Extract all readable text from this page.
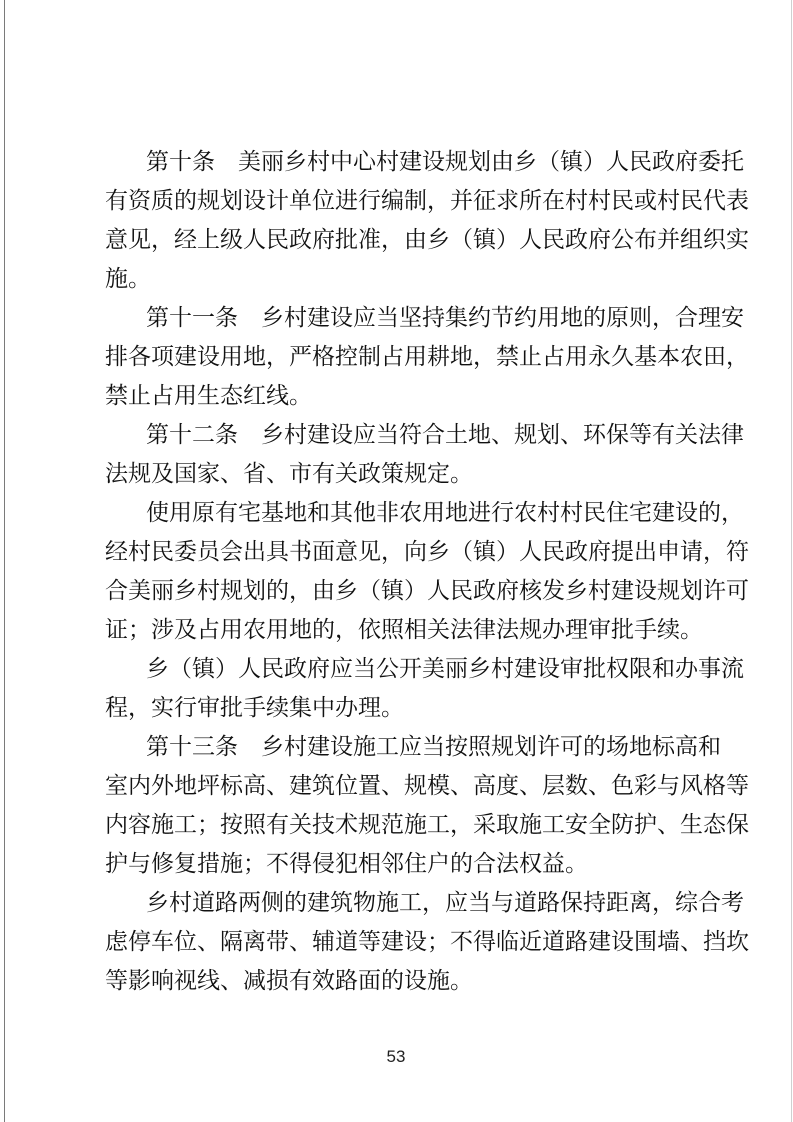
第十条　美丽乡村中心村建设规划由乡（镇）人民政府委托
有资质的规划设计单位进行编制，并征求所在村村民或村民代表
意见，经上级人民政府批准，由乡（镇）人民政府公布并组织实
施。
第十一条　乡村建设应当坚持集约节约用地的原则，合理安
排各项建设用地，严格控制占用耕地，禁止占用永久基本农田，
禁止占用生态红线。
第十二条　乡村建设应当符合土地、规划、环保等有关法律
法规及国家、省、市有关政策规定。
使用原有宅基地和其他非农用地进行农村村民住宅建设的，
经村民委员会出具书面意见，向乡（镇）人民政府提出申请，符
合美丽乡村规划的，由乡（镇）人民政府核发乡村建设规划许可
证；涉及占用农用地的，依照相关法律法规办理审批手续。
乡（镇）人民政府应当公开美丽乡村建设审批权限和办事流
程，实行审批手续集中办理。
第十三条　乡村建设施工应当按照规划许可的场地标高和
室内外地坪标高、建筑位置、规模、高度、层数、色彩与风格等
内容施工；按照有关技术规范施工，采取施工安全防护、生态保
护与修复措施；不得侵犯相邻住户的合法权益。
乡村道路两侧的建筑物施工，应当与道路保持距离，综合考
虑停车位、隔离带、辅道等建设；不得临近道路建设围墙、挡坎
等影响视线、减损有效路面的设施。
53
